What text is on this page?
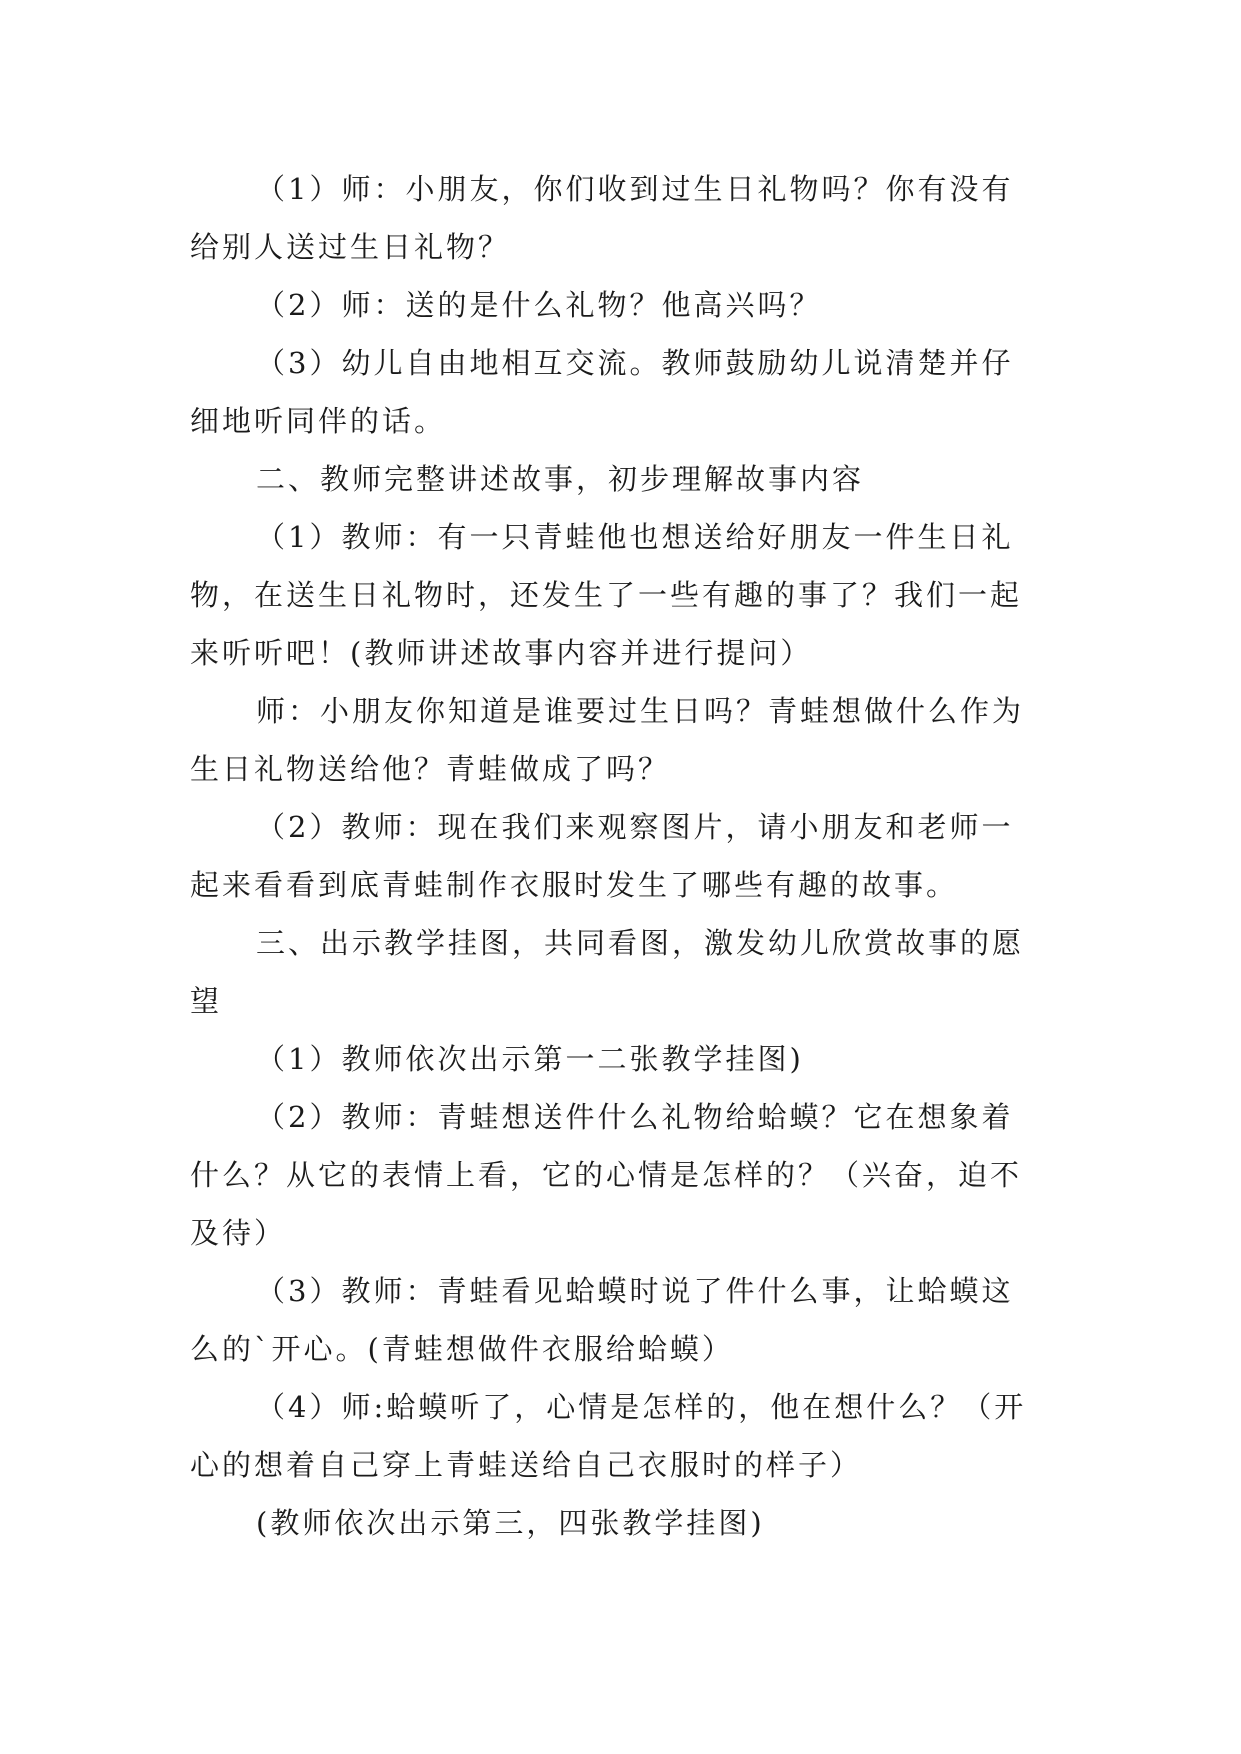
（1）师：小朋友，你们收到过生日礼物吗？你有没有
给别人送过生日礼物？
（2）师：送的是什么礼物？他高兴吗？
（3）幼儿自由地相互交流。教师鼓励幼儿说清楚并仔
细地听同伴的话。
二、教师完整讲述故事，初步理解故事内容
（1）教师：有一只青蛙他也想送给好朋友一件生日礼
物，在送生日礼物时，还发生了一些有趣的事了？我们一起
来听听吧！(教师讲述故事内容并进行提问）
师：小朋友你知道是谁要过生日吗？青蛙想做什么作为
生日礼物送给他？青蛙做成了吗？
（2）教师：现在我们来观察图片，请小朋友和老师一
起来看看到底青蛙制作衣服时发生了哪些有趣的故事。
三、出示教学挂图，共同看图，激发幼儿欣赏故事的愿
望
（1）教师依次出示第一二张教学挂图)
（2）教师：青蛙想送件什么礼物给蛤蟆？它在想象着
什么？从它的表情上看，它的心情是怎样的？（兴奋，迫不
及待）
（3）教师：青蛙看见蛤蟆时说了件什么事，让蛤蟆这
么的`开心。(青蛙想做件衣服给蛤蟆）
（4）师:蛤蟆听了，心情是怎样的，他在想什么？（开
心的想着自己穿上青蛙送给自己衣服时的样子）
(教师依次出示第三，四张教学挂图)
